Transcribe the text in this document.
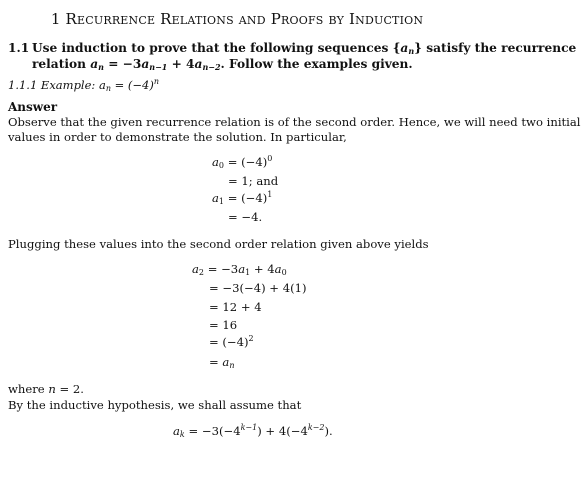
1 Recurrence Relations and Proofs by Induction
1.1 Use induction to prove that the following sequences $\{a_n\}$ satisfy the recurrence
relation $a_n = -3a_{n-1} + 4a_{n-2}$. Follow the examples given.
1.1.1 Example: $a_n = (-4)^n$
Answer
Observe that the given recurrence relation is of the second order. Hence, we will need two initial
values in order to demonstrate the solution. In particular,
$a_0 = (-4)^0$
= 1; and
$a_1 = (-4)^1$
= −4.
Plugging these values into the second order relation given above yields
$a_2 = -3a_1 + 4a_0$
= −3(−4) + 4(1)
= 12 + 4
= 16
= $(-4)^2$
= $a_n$
where n = 2.
By the inductive hypothesis, we shall assume that
$a_k = -3(-4^{k-1}) + 4(-4^{k-2})$.
